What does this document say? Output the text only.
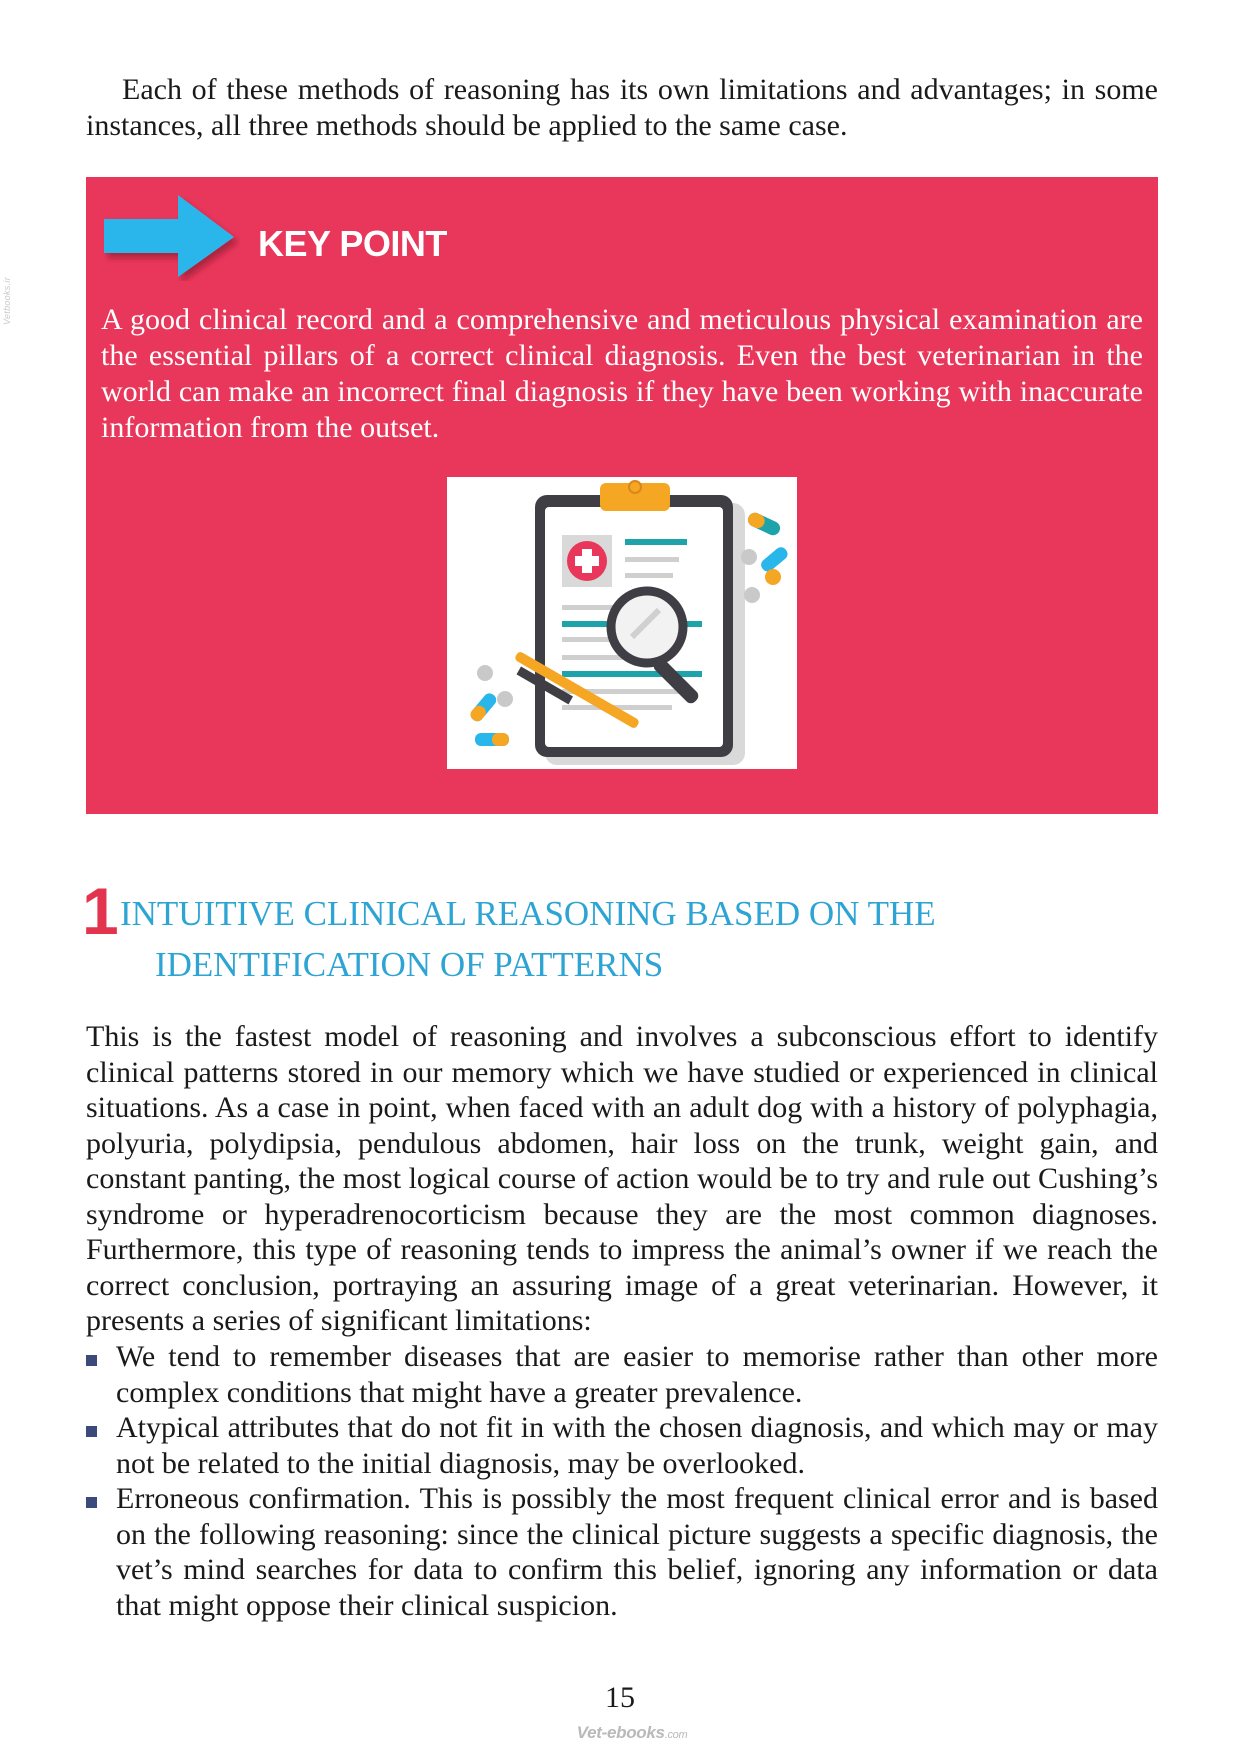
Vetbooks.ir

Each of these methods of reasoning has its own limitations and advantages; in some instances, all three methods should be applied to the same case.

KEY POINT

A good clinical record and a comprehensive and meticulous physical examination are the essential pillars of a correct clinical diagnosis. Even the best veterinarian in the world can make an incorrect final diagnosis if they have been working with inaccurate information from the outset.

1 INTUITIVE CLINICAL REASONING BASED ON THE
IDENTIFICATION OF PATTERNS

This is the fastest model of reasoning and involves a subconscious effort to identify clinical patterns stored in our memory which we have studied or experienced in clinical situations. As a case in point, when faced with an adult dog with a history of polyphagia, polyuria, polydipsia, pendulous abdomen, hair loss on the trunk, weight gain, and constant panting, the most logical course of action would be to try and rule out Cushing’s syndrome or hyperadrenocorticism because they are the most common diagnoses. Furthermore, this type of reasoning tends to impress the animal’s owner if we reach the correct conclusion, portraying an assuring image of a great veterinarian. However, it presents a series of significant limitations:

We tend to remember diseases that are easier to memorise rather than other more complex conditions that might have a greater prevalence.
Atypical attributes that do not fit in with the chosen diagnosis, and which may or may not be related to the initial diagnosis, may be overlooked.
Erroneous confirmation. This is possibly the most frequent clinical error and is based on the following reasoning: since the clinical picture suggests a specific diagnosis, the vet’s mind searches for data to confirm this belief, ignoring any information or data that might oppose their clinical suspicion.
15
Vet-ebooks.com
